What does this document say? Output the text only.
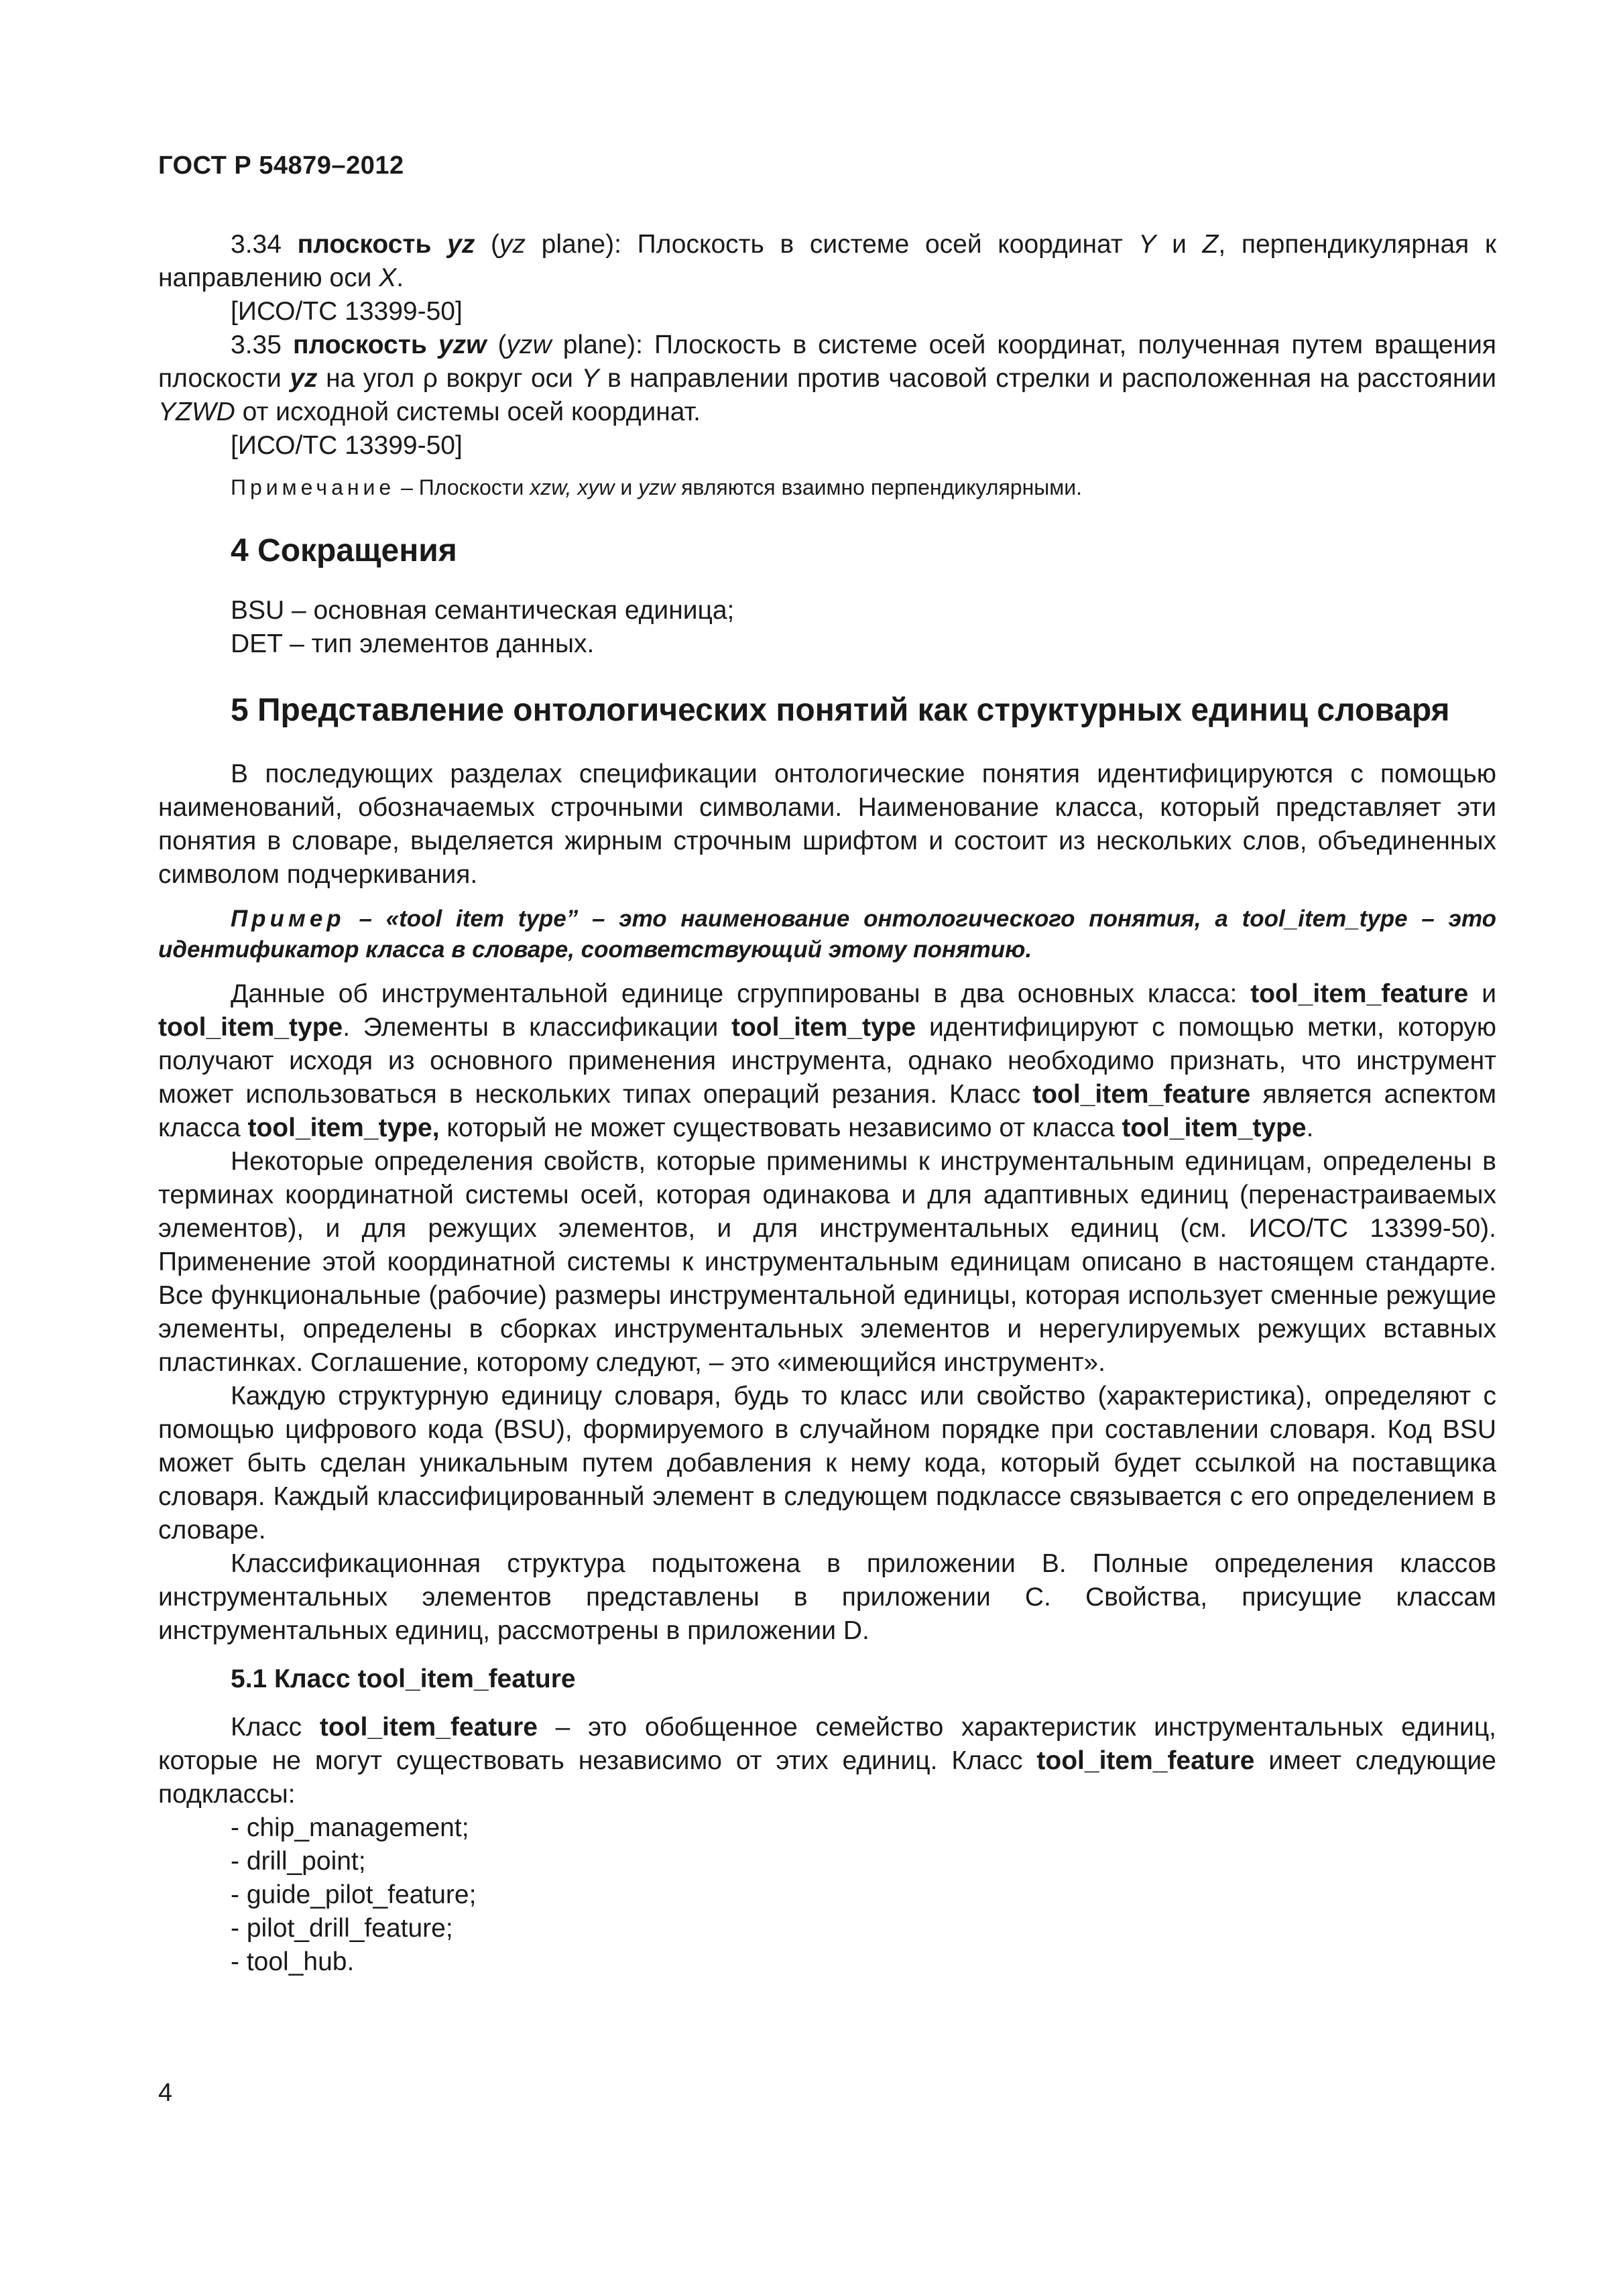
ГОСТ Р 54879–2012

3.34 плоскость yz (yz plane): Плоскость в системе осей координат Y и Z, перпендикулярная к направлению оси X.

[ИСО/ТС 13399-50]

3.35 плоскость yzw (yzw plane): Плоскость в системе осей координат, полученная путем вращения плоскости yz на угол ρ вокруг оси Y в направлении против часовой стрелки и расположенная на расстоянии YZWD от исходной системы осей координат.

[ИСО/ТС 13399-50]

Примечание – Плоскости xzw, xyw и yzw являются взаимно перпендикулярными.
4 Сокращения
BSU – основная семантическая единица;
DET – тип элементов данных.
5 Представление онтологических понятий как структурных единиц словаря

В последующих разделах спецификации онтологические понятия идентифицируются с помощью наименований, обозначаемых строчными символами. Наименование класса, который представляет эти понятия в словаре, выделяется жирным строчным шрифтом и состоит из нескольких слов, объединенных символом подчеркивания.

Пример – «tool item type” – это наименование онтологического понятия, а tool_item_type – это идентификатор класса в словаре, соответствующий этому понятию.

Данные об инструментальной единице сгруппированы в два основных класса: tool_item_feature и tool_item_type. Элементы в классификации tool_item_type идентифицируют с помощью метки, которую получают исходя из основного применения инструмента, однако необходимо признать, что инструмент может использоваться в нескольких типах операций резания. Класс tool_item_feature является аспектом класса tool_item_type, который не может существовать независимо от класса tool_item_type.

Некоторые определения свойств, которые применимы к инструментальным единицам, определены в терминах координатной системы осей, которая одинакова и для адаптивных единиц (перенастраиваемых элементов), и для режущих элементов, и для инструментальных единиц (см. ИСО/ТС 13399-50). Применение этой координатной системы к инструментальным единицам описано в настоящем стандарте. Все функциональные (рабочие) размеры инструментальной единицы, которая использует сменные режущие элементы, определены в сборках инструментальных элементов и нерегулируемых режущих вставных пластинках. Соглашение, которому следуют, – это «имеющийся инструмент».

Каждую структурную единицу словаря, будь то класс или свойство (характеристика), определяют с помощью цифрового кода (BSU), формируемого в случайном порядке при составлении словаря. Код BSU может быть сделан уникальным путем добавления к нему кода, который будет ссылкой на поставщика словаря. Каждый классифицированный элемент в следующем подклассе связывается с его определением в словаре.

Классификационная структура подытожена в приложении В. Полные определения классов инструментальных элементов представлены в приложении С. Свойства, присущие классам инструментальных единиц, рассмотрены в приложении D.

5.1 Класс tool_item_feature

Класс tool_item_feature – это обобщенное семейство характеристик инструментальных единиц, которые не могут существовать независимо от этих единиц. Класс tool_item_feature имеет следующие подклассы:

- chip_management;
- drill_point;
- guide_pilot_feature;
- pilot_drill_feature;
- tool_hub.
4
